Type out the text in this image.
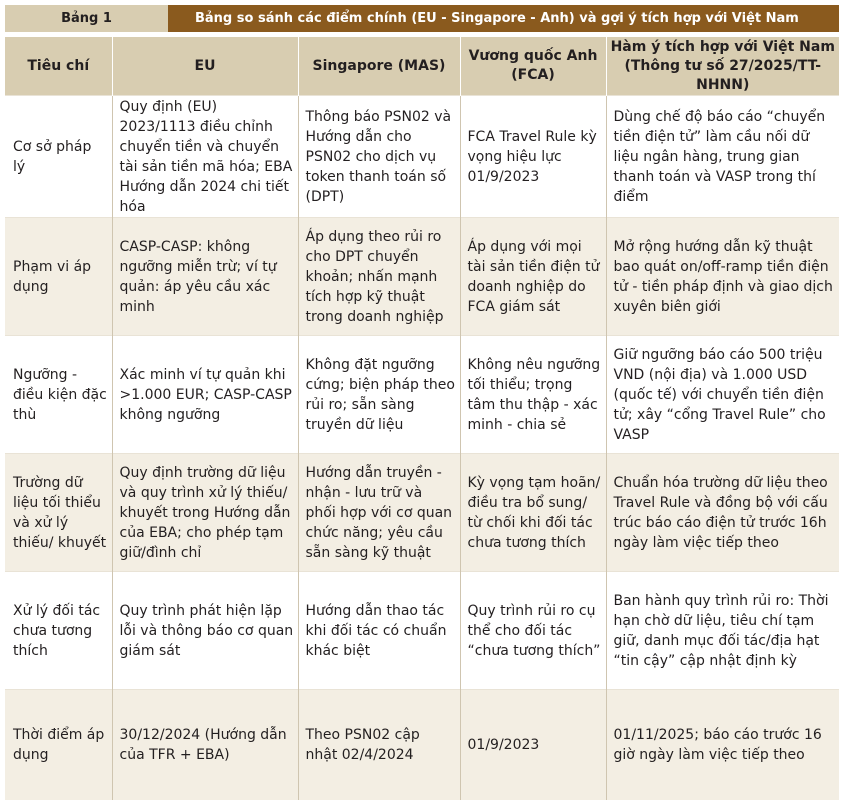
Bảng 1	Bảng so sánh các điểm chính (EU - Singapore - Anh) và gợi ý tích hợp với Việt Nam
Tiêu chí	EU	Singapore (MAS)	Vương quốc Anh (FCA)	Hàm ý tích hợp với Việt Nam (Thông tư số 27/2025/TT-NHNN)
Cơ sở pháp lý	Quy định (EU) 2023/1113 điều chỉnh chuyển tiền và chuyển tài sản tiền mã hóa; EBA Hướng dẫn 2024 chi tiết hóa	Thông báo PSN02 và Hướng dẫn cho PSN02 cho dịch vụ token thanh toán số (DPT)	FCA Travel Rule kỳ vọng hiệu lực 01/9/2023	Dùng chế độ báo cáo “chuyển tiền điện tử” làm cầu nối dữ liệu ngân hàng, trung gian thanh toán và VASP trong thí điểm
Phạm vi áp dụng	CASP-CASP: không ngưỡng miễn trừ; ví tự quản: áp yêu cầu xác minh	Áp dụng theo rủi ro cho DPT chuyển khoản; nhấn mạnh tích hợp kỹ thuật trong doanh nghiệp	Áp dụng với mọi tài sản tiền điện tử doanh nghiệp do FCA giám sát	Mở rộng hướng dẫn kỹ thuật bao quát on/off-ramp tiền điện tử - tiền pháp định và giao dịch xuyên biên giới
Ngưỡng - điều kiện đặc thù	Xác minh ví tự quản khi >1.000 EUR; CASP-CASP không ngưỡng	Không đặt ngưỡng cứng; biện pháp theo rủi ro; sẵn sàng truyền dữ liệu	Không nêu ngưỡng tối thiểu; trọng tâm thu thập - xác minh - chia sẻ	Giữ ngưỡng báo cáo 500 triệu VND (nội địa) và 1.000 USD (quốc tế) với chuyển tiền điện tử; xây “cổng Travel Rule” cho VASP
Trường dữ liệu tối thiểu và xử lý thiếu/ khuyết	Quy định trường dữ liệu và quy trình xử lý thiếu/ khuyết trong Hướng dẫn của EBA; cho phép tạm giữ/đình chỉ	Hướng dẫn truyền - nhận - lưu trữ và phối hợp với cơ quan chức năng; yêu cầu sẵn sàng kỹ thuật	Kỳ vọng tạm hoãn/ điều tra bổ sung/ từ chối khi đối tác chưa tương thích	Chuẩn hóa trường dữ liệu theo Travel Rule và đồng bộ với cấu trúc báo cáo điện tử trước 16h ngày làm việc tiếp theo
Xử lý đối tác chưa tương thích	Quy trình phát hiện lặp lỗi và thông báo cơ quan giám sát	Hướng dẫn thao tác khi đối tác có chuẩn khác biệt	Quy trình rủi ro cụ thể cho đối tác “chưa tương thích”	Ban hành quy trình rủi ro: Thời hạn chờ dữ liệu, tiêu chí tạm giữ, danh mục đối tác/địa hạt “tin cậy” cập nhật định kỳ
Thời điểm áp dụng	30/12/2024 (Hướng dẫn của TFR + EBA)	Theo PSN02 cập nhật 02/4/2024	01/9/2023	01/11/2025; báo cáo trước 16 giờ ngày làm việc tiếp theo
